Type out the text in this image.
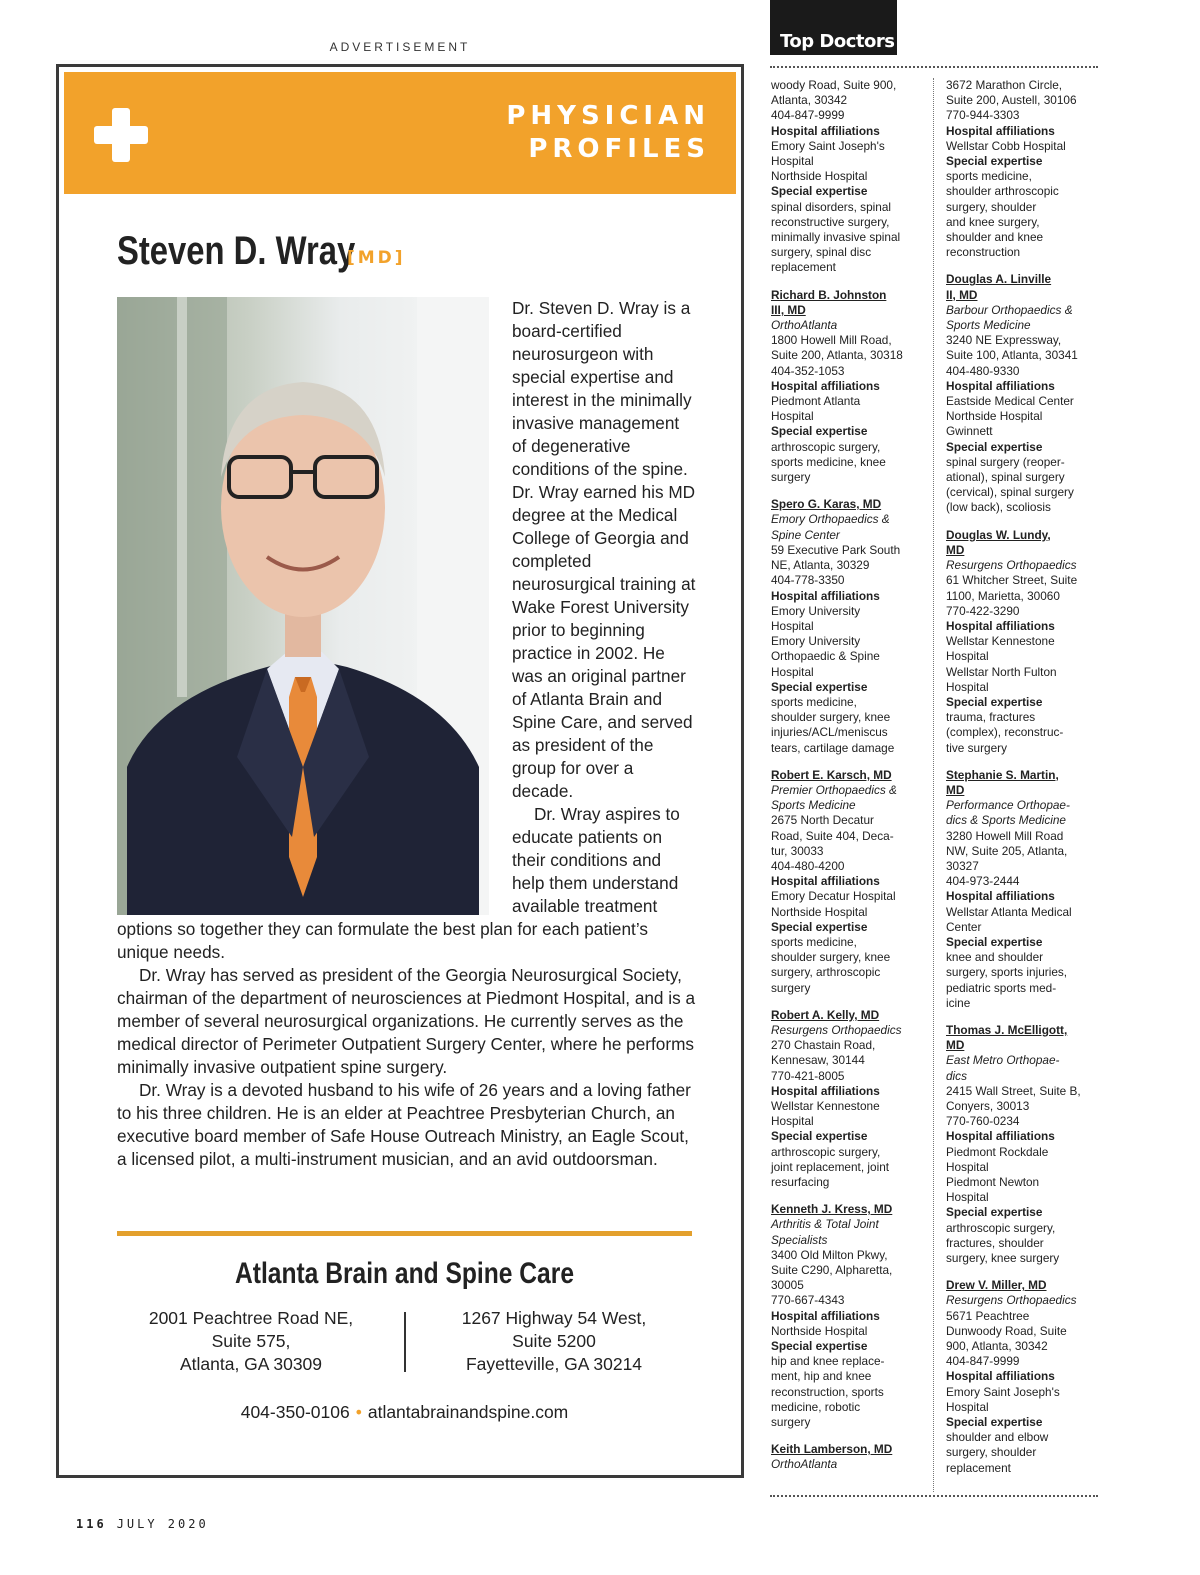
ADVERTISEMENT
PHYSICIAN
PROFILES
Steven D. Wray
[MD]

Dr. Steven D. Wray is a board-certified neurosurgeon with special expertise and interest in the minimally invasive management of degenerative conditions of the spine. Dr. Wray earned his MD degree at the Medical College of Georgia and completed neurosurgical training at Wake Forest University prior to beginning practice in 2002. He was an original partner of Atlanta Brain and Spine Care, and served as president of the group for over a decade.

Dr. Wray aspires to educate patients on their conditions and help them understand available treatment options so together they can formulate the best plan for each patient’s unique needs.

Dr. Wray has served as president of the Georgia Neurosurgical Society, chairman of the department of neurosciences at Piedmont Hospital, and is a member of several neurosurgical organizations. He currently serves as the medical director of Perimeter Outpatient Surgery Center, where he performs minimally invasive outpatient spine surgery.

Dr. Wray is a devoted husband to his wife of 26 years and a loving father to his three children. He is an elder at Peachtree Presbyterian Church, an executive board member of Safe House Outreach Ministry, an Eagle Scout, a licensed pilot, a multi-instrument musician, and an avid outdoorsman.

Atlanta Brain and Spine Care
2001 Peachtree Road NE,
Suite 575,
Atlanta, GA 30309
1267 Highway 54 West,
Suite 5200
Fayetteville, GA 30214
404-350-0106 • atlantabrainandspine.com
Top Doctors
woody Road, Suite 900,
Atlanta, 30342
404-847-9999
Hospital affiliations
Emory Saint Joseph's
Hospital
Northside Hospital
Special expertise
spinal disorders, spinal
reconstructive surgery,
minimally invasive spinal
surgery, spinal disc
replacement
Richard B. Johnston
III, MD
OrthoAtlanta
1800 Howell Mill Road,
Suite 200, Atlanta, 30318
404-352-1053
Hospital affiliations
Piedmont Atlanta
Hospital
Special expertise
arthroscopic surgery,
sports medicine, knee
surgery
Spero G. Karas, MD
Emory Orthopaedics &
Spine Center
59 Executive Park South
NE, Atlanta, 30329
404-778-3350
Hospital affiliations
Emory University
Hospital
Emory University
Orthopaedic & Spine
Hospital
Special expertise
sports medicine,
shoulder surgery, knee
injuries/ACL/meniscus
tears, cartilage damage
Robert E. Karsch, MD
Premier Orthopaedics &
Sports Medicine
2675 North Decatur
Road, Suite 404, Deca-
tur, 30033
404-480-4200
Hospital affiliations
Emory Decatur Hospital
Northside Hospital
Special expertise
sports medicine,
shoulder surgery, knee
surgery, arthroscopic
surgery
Robert A. Kelly, MD
Resurgens Orthopaedics
270 Chastain Road,
Kennesaw, 30144
770-421-8005
Hospital affiliations
Wellstar Kennestone
Hospital
Special expertise
arthroscopic surgery,
joint replacement, joint
resurfacing
Kenneth J. Kress, MD
Arthritis & Total Joint
Specialists
3400 Old Milton Pkwy,
Suite C290, Alpharetta,
30005
770-667-4343
Hospital affiliations
Northside Hospital
Special expertise
hip and knee replace-
ment, hip and knee
reconstruction, sports
medicine, robotic
surgery
Keith Lamberson, MD
OrthoAtlanta
3672 Marathon Circle,
Suite 200, Austell, 30106
770-944-3303
Hospital affiliations
Wellstar Cobb Hospital
Special expertise
sports medicine,
shoulder arthroscopic
surgery, shoulder
and knee surgery,
shoulder and knee
reconstruction
Douglas A. Linville
II, MD
Barbour Orthopaedics &
Sports Medicine
3240 NE Expressway,
Suite 100, Atlanta, 30341
404-480-9330
Hospital affiliations
Eastside Medical Center
Northside Hospital
Gwinnett
Special expertise
spinal surgery (reoper-
ational), spinal surgery
(cervical), spinal surgery
(low back), scoliosis
Douglas W. Lundy,
MD
Resurgens Orthopaedics
61 Whitcher Street, Suite
1100, Marietta, 30060
770-422-3290
Hospital affiliations
Wellstar Kennestone
Hospital
Wellstar North Fulton
Hospital
Special expertise
trauma, fractures
(complex), reconstruc-
tive surgery
Stephanie S. Martin,
MD
Performance Orthopae-
dics & Sports Medicine
3280 Howell Mill Road
NW, Suite 205, Atlanta,
30327
404-973-2444
Hospital affiliations
Wellstar Atlanta Medical
Center
Special expertise
knee and shoulder
surgery, sports injuries,
pediatric sports med-
icine
Thomas J. McElligott,
MD
East Metro Orthopae-
dics
2415 Wall Street, Suite B,
Conyers, 30013
770-760-0234
Hospital affiliations
Piedmont Rockdale
Hospital
Piedmont Newton
Hospital
Special expertise
arthroscopic surgery,
fractures, shoulder
surgery, knee surgery
Drew V. Miller, MD
Resurgens Orthopaedics
5671 Peachtree
Dunwoody Road, Suite
900, Atlanta, 30342
404-847-9999
Hospital affiliations
Emory Saint Joseph's
Hospital
Special expertise
shoulder and elbow
surgery, shoulder
replacement
116 JULY 2020
